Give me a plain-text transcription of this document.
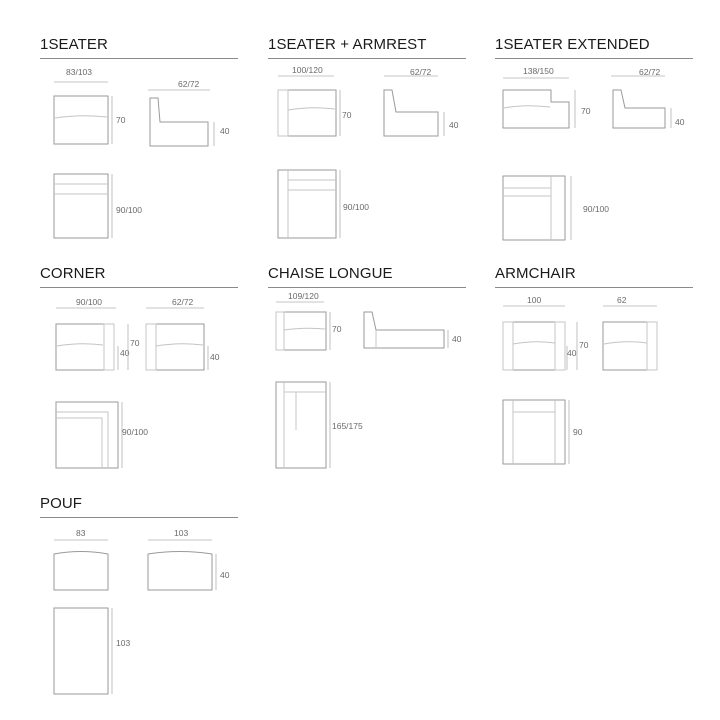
1SEATER
83/103
70
62/72
40
90/100
1SEATER + ARMREST
100/120
70
62/72
40
90/100
1SEATER EXTENDED
138/150
70
62/72
40
90/100
CORNER
90/100
40
70
62/72
40
90/100
CHAISE LONGUE
109/120
70
40
165/175
ARMCHAIR
100
40
70
62
90
POUF
83	103
40
103
